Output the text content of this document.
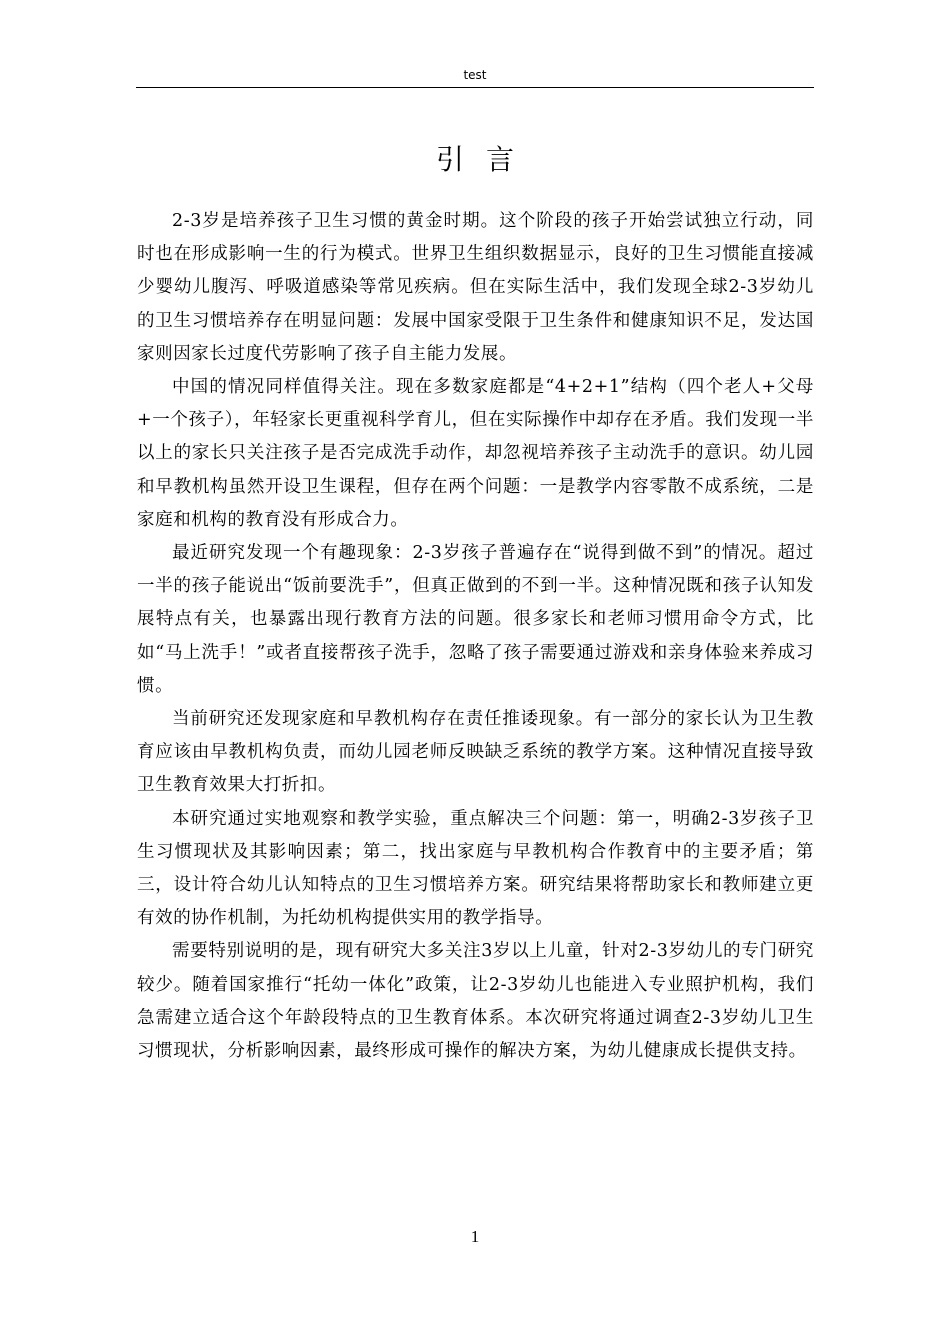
test
引言

2-3岁是培养孩子卫生习惯的黄金时期。这个阶段的孩子开始尝试独立行动，同时也在形成影响一生的行为模式。世界卫生组织数据显示，良好的卫生习惯能直接减少婴幼儿腹泻、呼吸道感染等常见疾病。但在实际生活中，我们发现全球2-3岁幼儿的卫生习惯培养存在明显问题：发展中国家受限于卫生条件和健康知识不足，发达国家则因家长过度代劳影响了孩子自主能力发展。

中国的情况同样值得关注。现在多数家庭都是“4+2+1”结构（四个老人+父母+一个孩子），年轻家长更重视科学育儿，但在实际操作中却存在矛盾。我们发现一半以上的家长只关注孩子是否完成洗手动作，却忽视培养孩子主动洗手的意识。幼儿园和早教机构虽然开设卫生课程，但存在两个问题：一是教学内容零散不成系统，二是家庭和机构的教育没有形成合力。

最近研究发现一个有趣现象：2-3岁孩子普遍存在“说得到做不到”的情况。超过一半的孩子能说出“饭前要洗手”，但真正做到的不到一半。这种情况既和孩子认知发展特点有关，也暴露出现行教育方法的问题。很多家长和老师习惯用命令方式，比如“马上洗手！”或者直接帮孩子洗手，忽略了孩子需要通过游戏和亲身体验来养成习惯。

当前研究还发现家庭和早教机构存在责任推诿现象。有一部分的家长认为卫生教育应该由早教机构负责，而幼儿园老师反映缺乏系统的教学方案。这种情况直接导致卫生教育效果大打折扣。

本研究通过实地观察和教学实验，重点解决三个问题：第一，明确2-3岁孩子卫生习惯现状及其影响因素；第二，找出家庭与早教机构合作教育中的主要矛盾；第三，设计符合幼儿认知特点的卫生习惯培养方案。研究结果将帮助家长和教师建立更有效的协作机制，为托幼机构提供实用的教学指导。

需要特别说明的是，现有研究大多关注3岁以上儿童，针对2-3岁幼儿的专门研究较少。随着国家推行“托幼一体化”政策，让2-3岁幼儿也能进入专业照护机构，我们急需建立适合这个年龄段特点的卫生教育体系。本次研究将通过调查2-3岁幼儿卫生习惯现状，分析影响因素，最终形成可操作的解决方案，为幼儿健康成长提供支持。

1
